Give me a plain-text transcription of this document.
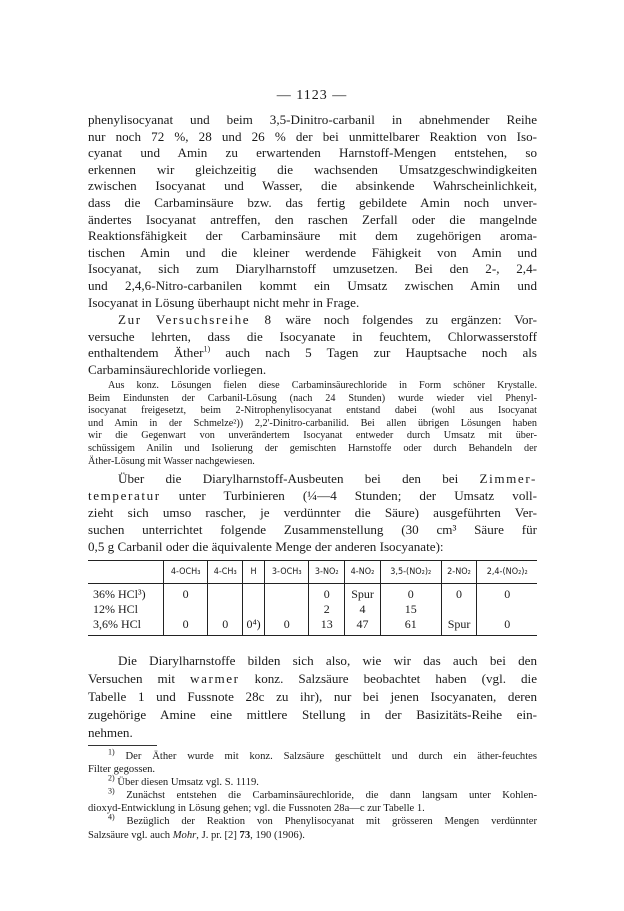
— 1123 —

phenylisocyanat und beim 3,5-Dinitro-carbanil in abnehmender Reihe
nur noch 72 %, 28 und 26 % der bei unmittelbarer Reaktion von Iso-
cyanat und Amin zu erwartenden Harnstoff-Mengen entstehen, so
erkennen wir gleichzeitig die wachsenden Umsatzgeschwindigkeiten
zwischen Isocyanat und Wasser, die absinkende Wahrscheinlichkeit,
dass die Carbaminsäure bzw. das fertig gebildete Amin noch unver-
ändertes Isocyanat antreffen, den raschen Zerfall oder die mangelnde
Reaktionsfähigkeit der Carbaminsäure mit dem zugehörigen aroma-
tischen Amin und die kleiner werdende Fähigkeit von Amin und
Isocyanat, sich zum Diarylharnstoff umzusetzen. Bei den 2-, 2,4-
und 2,4,6-Nitro-carbanilen kommt ein Umsatz zwischen Amin und
Isocyanat in Lösung überhaupt nicht mehr in Frage.

Zur Versuchsreihe 8 wäre noch folgendes zu ergänzen: Vor-
versuche lehrten, dass die Isocyanate in feuchtem, Chlorwasserstoff
enthaltendem Äther$^{1)}$ auch nach 5 Tagen zur Hauptsache noch als
Carbaminsäurechloride vorliegen.

Aus konz. Lösungen fielen diese Carbaminsäurechloride in Form schöner Krystalle.
Beim Eindunsten der Carbanil-Lösung (nach 24 Stunden) wurde wieder viel Phenyl-
isocyanat freigesetzt, beim 2-Nitrophenylisocyanat entstand dabei (wohl aus Isocyanat
und Amin in der Schmelze²)) 2,2'-Dinitro-carbanilid. Bei allen übrigen Lösungen haben
wir die Gegenwart von unverändertem Isocyanat entweder durch Umsatz mit über-
schüssigem Anilin und Isolierung der gemischten Harnstoffe oder durch Behandeln der
Äther-Lösung mit Wasser nachgewiesen.

Über die Diarylharnstoff-Ausbeuten bei den bei Zimmer-
temperatur unter Turbinieren (¼—4 Stunden; der Umsatz voll-
zieht sich umso rascher, je verdünnter die Säure) ausgeführten Ver-
suchen unterrichtet folgende Zusammenstellung (30 cm³ Säure für
0,5 g Carbanil oder die äquivalente Menge der anderen Isocyanate):

	4-OCH₃	4-CH₃	H	3-OCH₃	3-NO₂	4-NO₂	3,5-(NO₂)₂	2-NO₂	2,4-(NO₂)₂
36% HCl³)	0				0	Spur	0	0	0
12% HCl					2	4	15		
3,6% HCl	0	0	0⁴)	0	13	47	61	Spur	0

Die Diarylharnstoffe bilden sich also, wie wir das auch bei den
Versuchen mit warmer konz. Salzsäure beobachtet haben (vgl. die
Tabelle 1 und Fussnote 28c zu ihr), nur bei jenen Isocyanaten, deren
zugehörige Amine eine mittlere Stellung in der Basizitäts-Reihe ein-
nehmen.

$^{1)}$ Der Äther wurde mit konz. Salzsäure geschüttelt und durch ein äther-feuchtes
Filter gegossen.
$^{2)}$ Über diesen Umsatz vgl. S. 1119.
$^{3)}$ Zunächst entstehen die Carbaminsäurechloride, die dann langsam unter Kohlen-
dioxyd-Entwicklung in Lösung gehen; vgl. die Fussnoten 28a—c zur Tabelle 1.
$^{4)}$ Bezüglich der Reaktion von Phenylisocyanat mit grösseren Mengen verdünnter
Salzsäure vgl. auch Mohr, J. pr. [2] 73, 190 (1906).
